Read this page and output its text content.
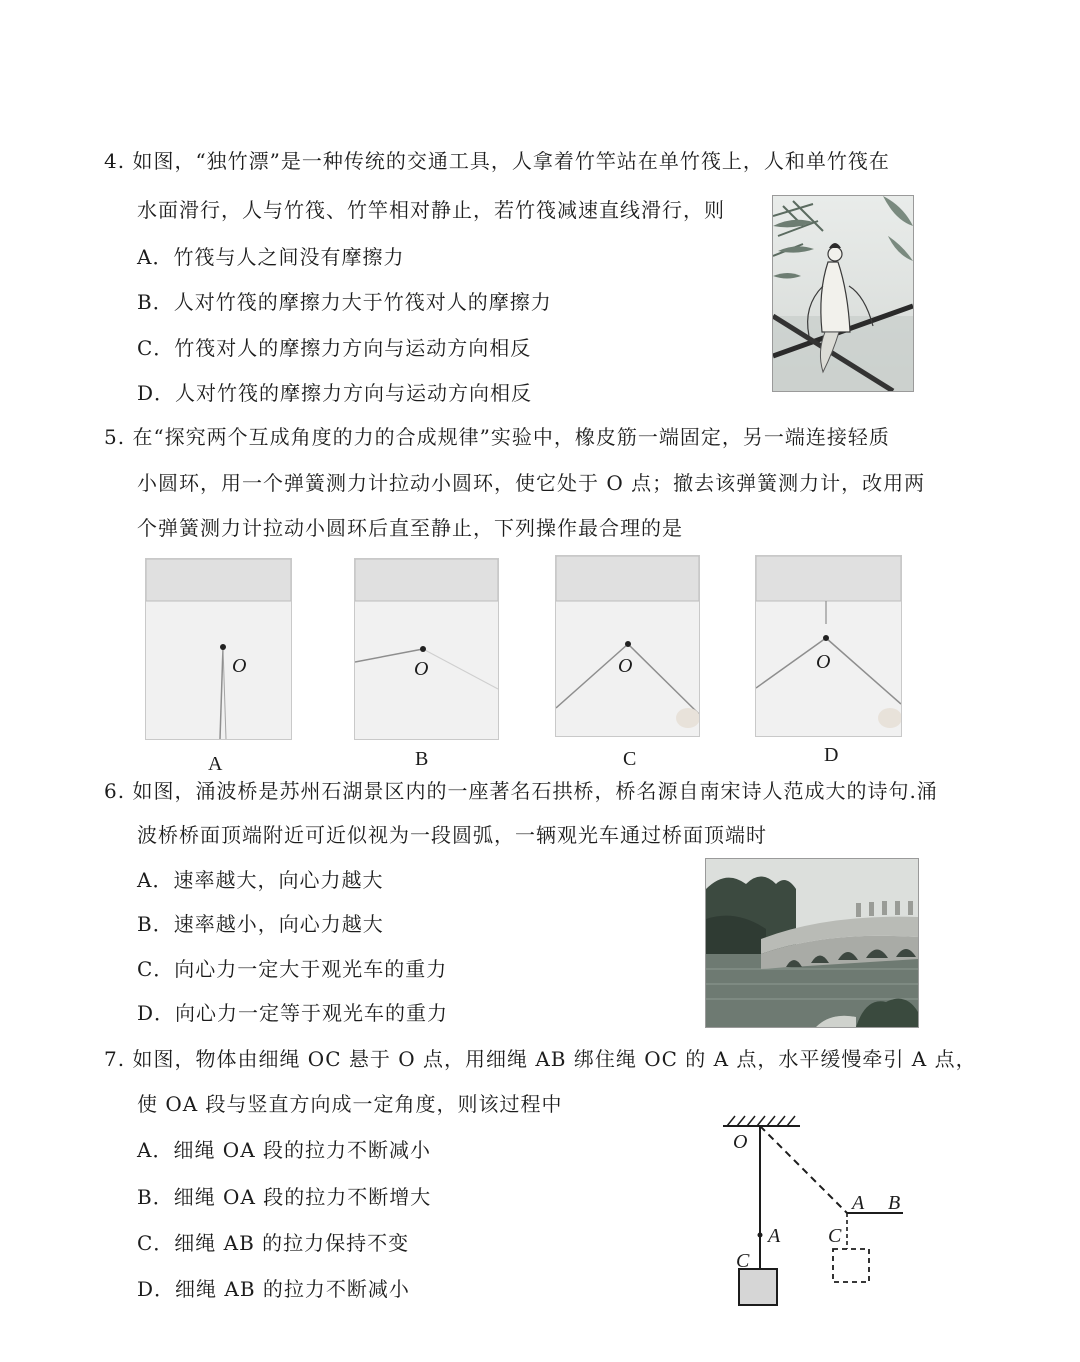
4. 如图，“独竹漂”是一种传统的交通工具，人拿着竹竿站在单竹筏上，人和单竹筏在
水面滑行，人与竹筏、竹竿相对静止，若竹筏减速直线滑行，则
A．竹筏与人之间没有摩擦力
B．人对竹筏的摩擦力大于竹筏对人的摩擦力
C．竹筏对人的摩擦力方向与运动方向相反
D．人对竹筏的摩擦力方向与运动方向相反
5. 在“探究两个互成角度的力的合成规律”实验中，橡皮筋一端固定，另一端连接轻质
小圆环，用一个弹簧测力计拉动小圆环，使它处于 O 点；撤去该弹簧测力计，改用两
个弹簧测力计拉动小圆环后直至静止，下列操作最合理的是
O
A
O
B
O
C
O
D
6. 如图，涌波桥是苏州石湖景区内的一座著名石拱桥，桥名源自南宋诗人范成大的诗句.涌
波桥桥面顶端附近可近似视为一段圆弧，一辆观光车通过桥面顶端时
A．速率越大，向心力越大
B．速率越小，向心力越大
C．向心力一定大于观光车的重力
D．向心力一定等于观光车的重力
7. 如图，物体由细绳 OC 悬于 O 点，用细绳 AB 绑住绳 OC 的 A 点，水平缓慢牵引 A 点，
使 OA 段与竖直方向成一定角度，则该过程中
A．细绳 OA 段的拉力不断减小
B．细绳 OA 段的拉力不断增大
C．细绳 AB 的拉力保持不变
D．细绳 AB 的拉力不断减小
O
A
C
A B
C
